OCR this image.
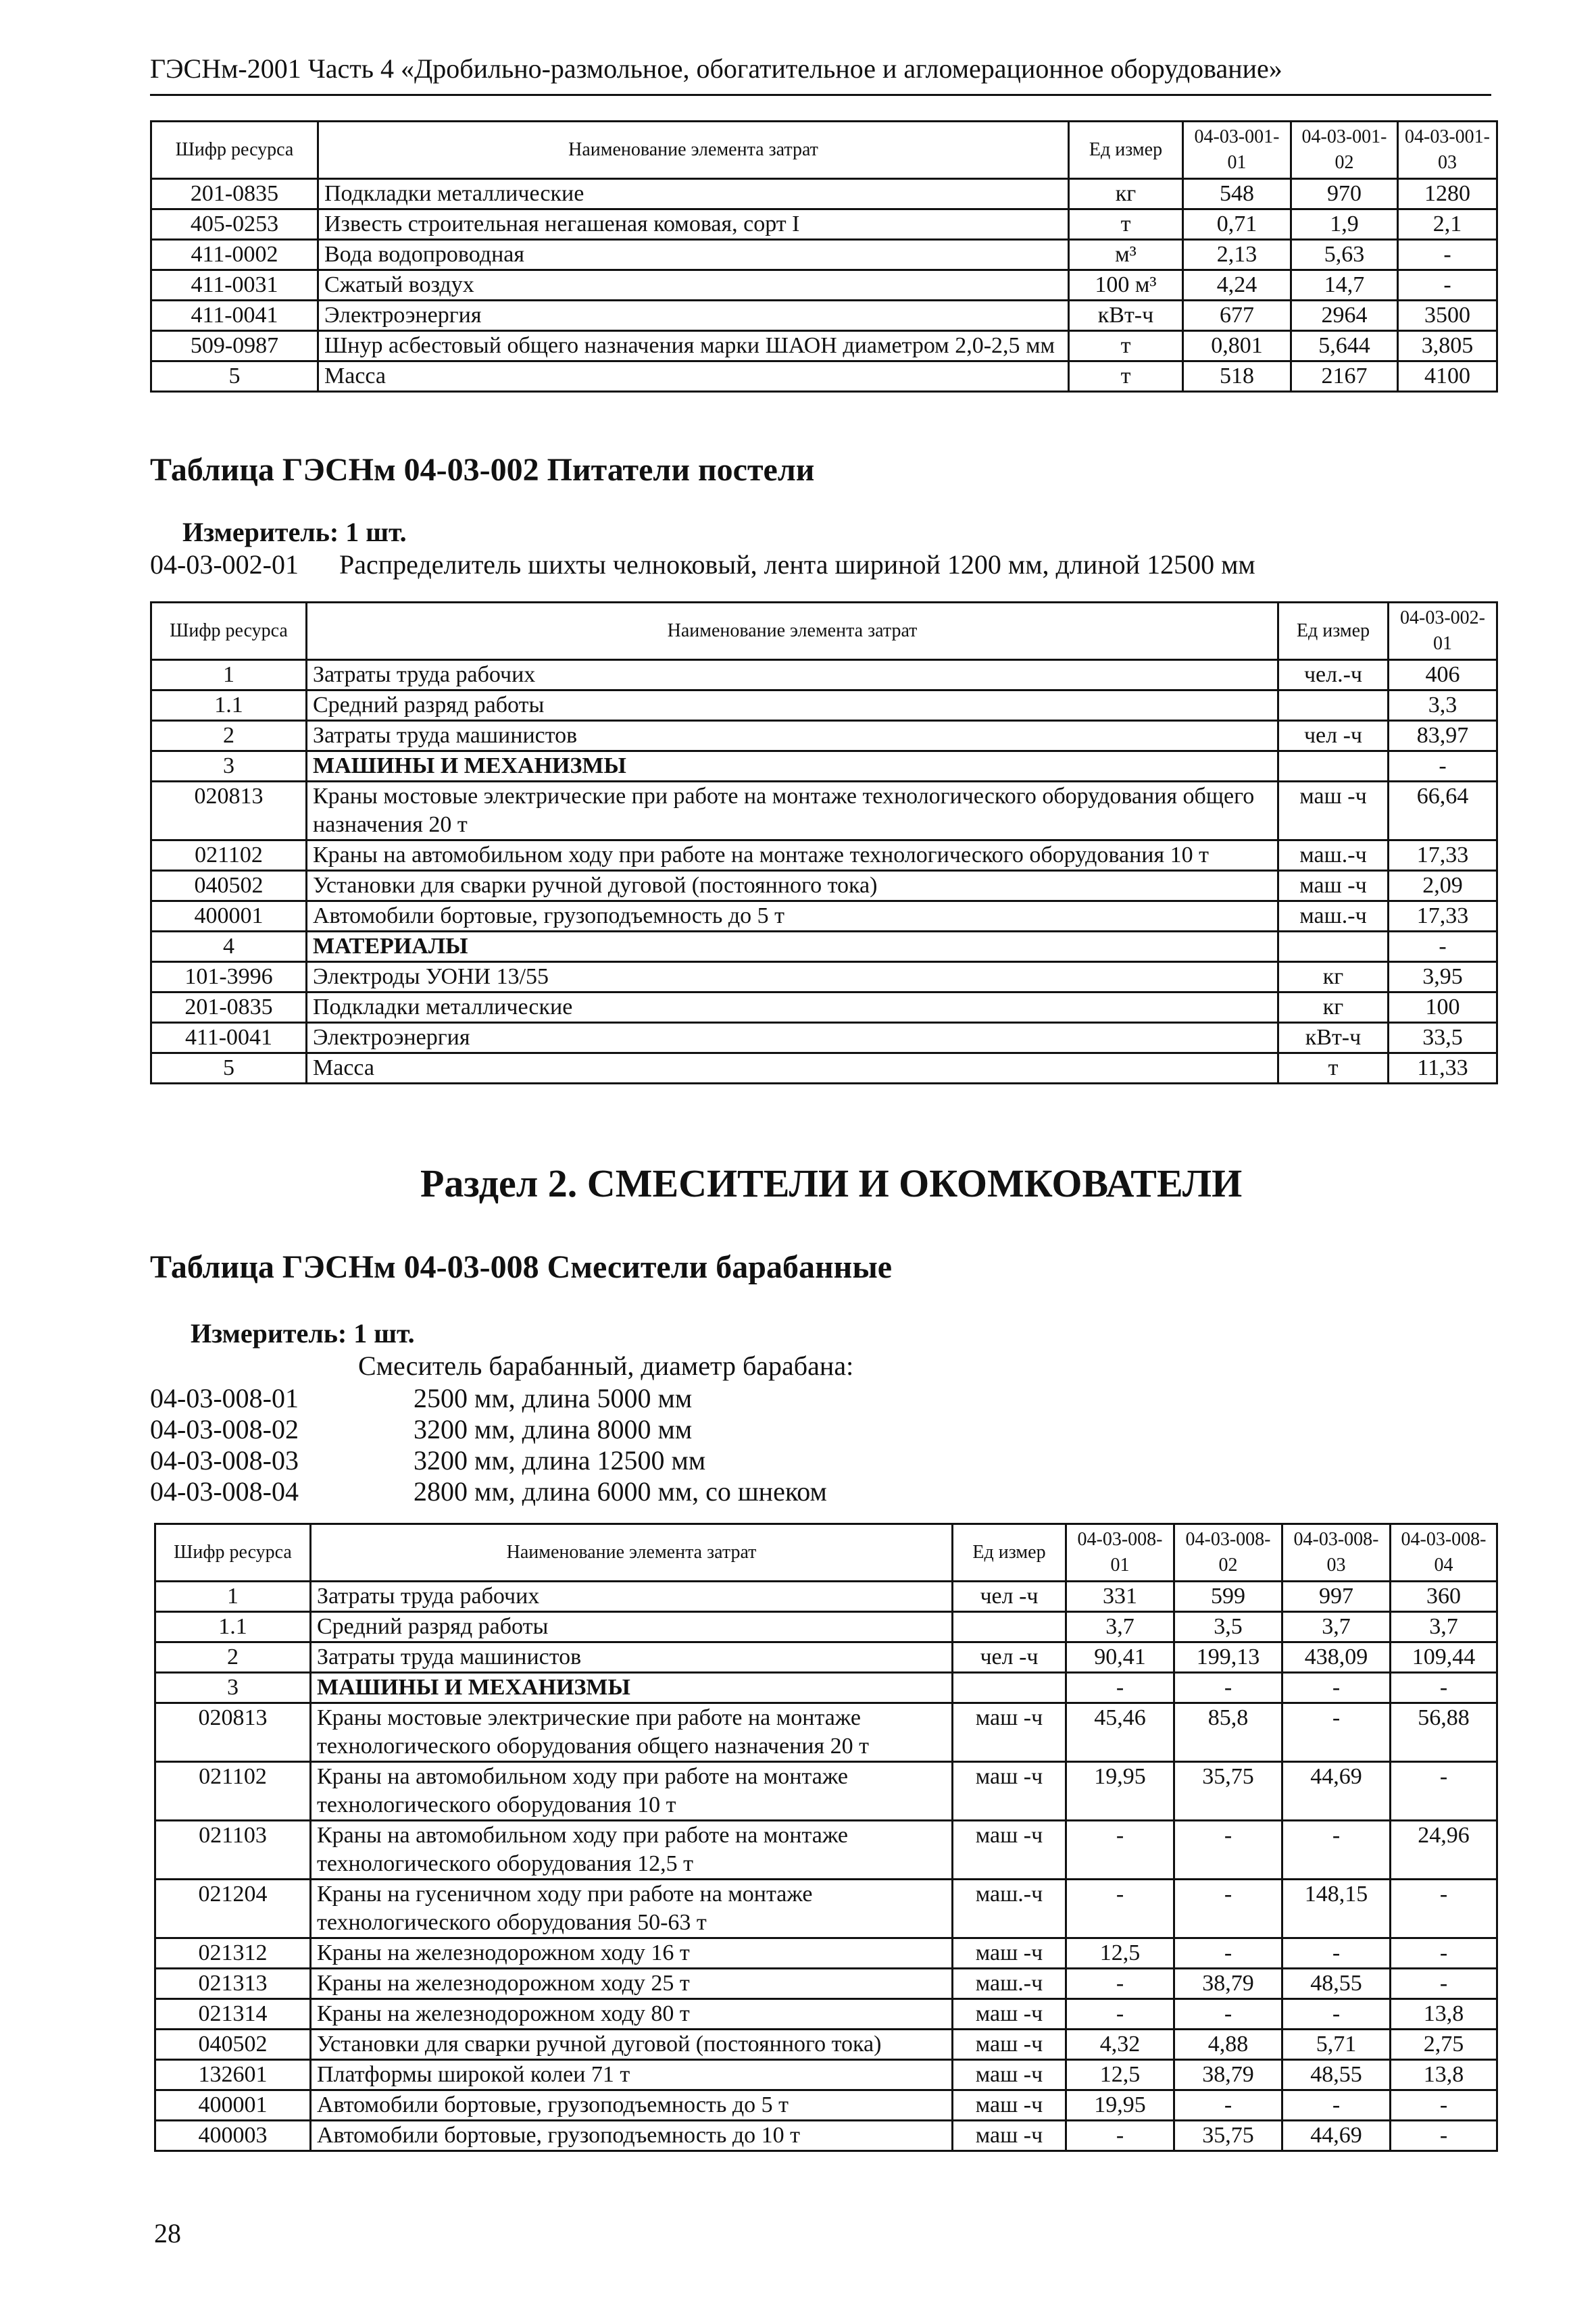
ГЭСНм-2001 Часть 4 «Дробильно-размольное, обогатительное и агломерационное оборудование»
Шифр ресурса	Наименование элемента затрат	Ед измер	04-03-001-01	04-03-001-02	04-03-001-03
201-0835	Подкладки металлические	кг	548	970	1280
405-0253	Известь строительная негашеная комовая, сорт I	т	0,71	1,9	2,1
411-0002	Вода водопроводная	м³	2,13	5,63	-
411-0031	Сжатый воздух	100 м³	4,24	14,7	-
411-0041	Электроэнергия	кВт-ч	677	2964	3500
509-0987	Шнур асбестовый общего назначения марки ШАОН диаметром 2,0-2,5 мм	т	0,801	5,644	3,805
5	Масса	т	518	2167	4100
Таблица ГЭСНм 04-03-002 Питатели постели
Измеритель: 1 шт.
04-03-002-01 Распределитель шихты челноковый, лента шириной 1200 мм, длиной 12500 мм
Шифр ресурса	Наименование элемента затрат	Ед измер	04-03-002-01
1	Затраты труда рабочих	чел.-ч	406
1.1	Средний разряд работы		3,3
2	Затраты труда машинистов	чел -ч	83,97
3	МАШИНЫ И МЕХАНИЗМЫ		-
020813	Краны мостовые электрические при работе на монтаже технологического оборудования общего назначения 20 т	маш -ч	66,64
021102	Краны на автомобильном ходу при работе на монтаже технологического оборудования 10 т	маш.-ч	17,33
040502	Установки для сварки ручной дуговой (постоянного тока)	маш -ч	2,09
400001	Автомобили бортовые, грузоподъемность до 5 т	маш.-ч	17,33
4	МАТЕРИАЛЫ		-
101-3996	Электроды УОНИ 13/55	кг	3,95
201-0835	Подкладки металлические	кг	100
411-0041	Электроэнергия	кВт-ч	33,5
5	Масса	т	11,33
Раздел 2. СМЕСИТЕЛИ И ОКОМКОВАТЕЛИ
Таблица ГЭСНм 04-03-008 Смесители барабанные
Измеритель: 1 шт.
Смеситель барабанный, диаметр барабана:
04-03-008-01	2500 мм, длина 5000 мм
04-03-008-02	3200 мм, длина 8000 мм
04-03-008-03	3200 мм, длина 12500 мм
04-03-008-04	2800 мм, длина 6000 мм, со шнеком
Шифр ресурса	Наименование элемента затрат	Ед измер	04-03-008-01	04-03-008-02	04-03-008-03	04-03-008-04
1	Затраты труда рабочих	чел -ч	331	599	997	360
1.1	Средний разряд работы		3,7	3,5	3,7	3,7
2	Затраты труда машинистов	чел -ч	90,41	199,13	438,09	109,44
3	МАШИНЫ И МЕХАНИЗМЫ		-	-	-	-
020813	Краны мостовые электрические при работе на монтаже технологического оборудования общего назначения 20 т	маш -ч	45,46	85,8	-	56,88
021102	Краны на автомобильном ходу при работе на монтаже технологического оборудования 10 т	маш -ч	19,95	35,75	44,69	-
021103	Краны на автомобильном ходу при работе на монтаже технологического оборудования 12,5 т	маш -ч	-	-	-	24,96
021204	Краны на гусеничном ходу при работе на монтаже технологического оборудования 50-63 т	маш.-ч	-	-	148,15	-
021312	Краны на железнодорожном ходу 16 т	маш -ч	12,5	-	-	-
021313	Краны на железнодорожном ходу 25 т	маш.-ч	-	38,79	48,55	-
021314	Краны на железнодорожном ходу 80 т	маш -ч	-	-	-	13,8
040502	Установки для сварки ручной дуговой (постоянного тока)	маш -ч	4,32	4,88	5,71	2,75
132601	Платформы широкой колеи 71 т	маш -ч	12,5	38,79	48,55	13,8
400001	Автомобили бортовые, грузоподъемность до 5 т	маш -ч	19,95	-	-	-
400003	Автомобили бортовые, грузоподъемность до 10 т	маш -ч	-	35,75	44,69	-
28
